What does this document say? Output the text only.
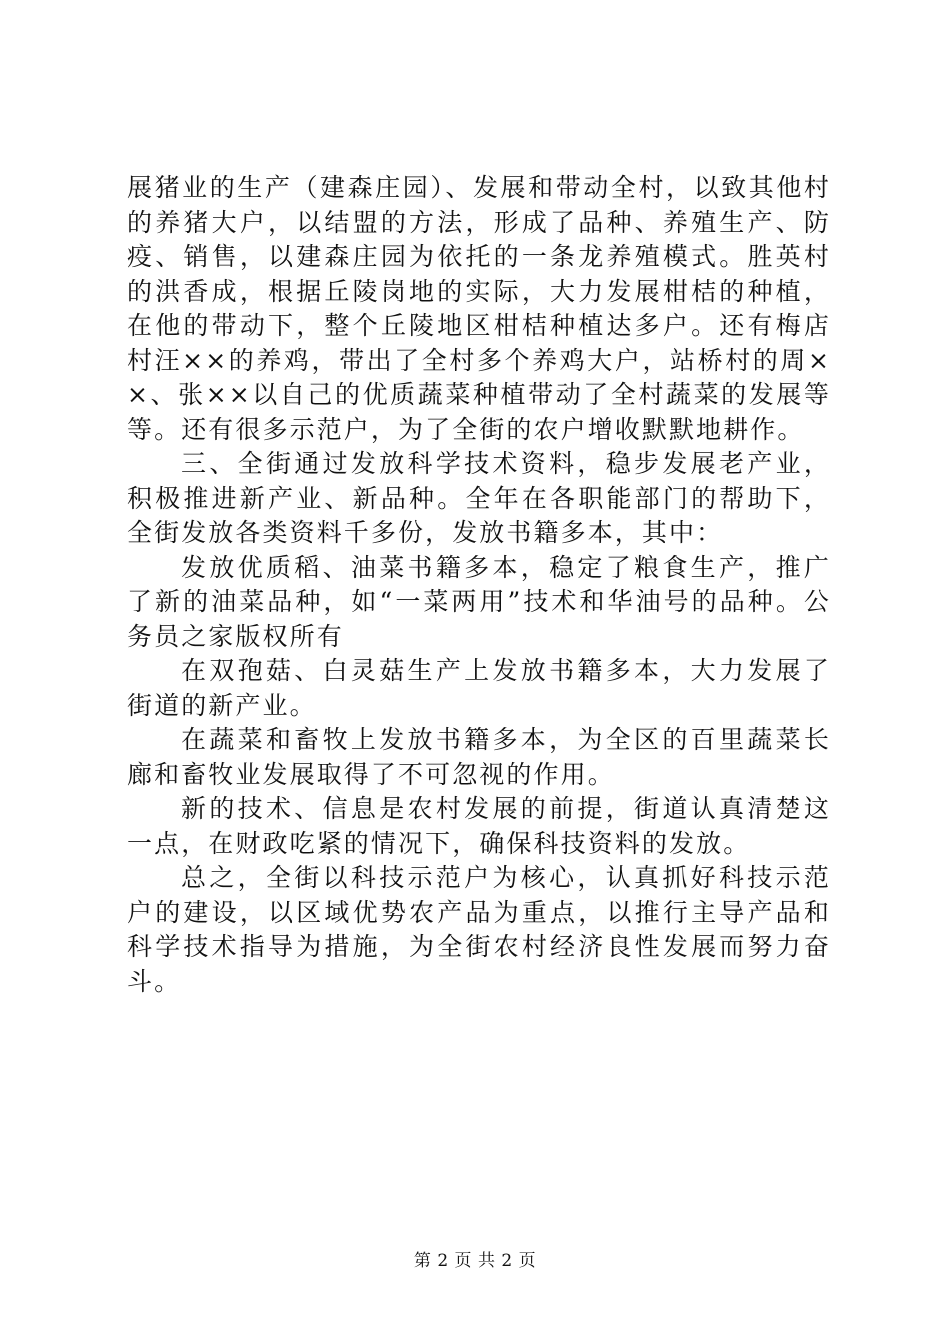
展猪业的生产（建森庄园）、发展和带动全村，以致其他村的养猪大户，以结盟的方法，形成了品种、养殖生产、防疫、销售，以建森庄园为依托的一条龙养殖模式。胜英村的洪香成，根据丘陵岗地的实际，大力发展柑桔的种植，在他的带动下，整个丘陵地区柑桔种植达多户。还有梅店村汪××的养鸡，带出了全村多个养鸡大户，站桥村的周××、张××以自己的优质蔬菜种植带动了全村蔬菜的发展等等。还有很多示范户，为了全街的农户增收默默地耕作。

三、全街通过发放科学技术资料，稳步发展老产业，积极推进新产业、新品种。全年在各职能部门的帮助下，全街发放各类资料千多份，发放书籍多本，其中：

发放优质稻、油菜书籍多本，稳定了粮食生产，推广了新的油菜品种，如“一菜两用”技术和华油号的品种。公务员之家版权所有

在双孢菇、白灵菇生产上发放书籍多本，大力发展了街道的新产业。

在蔬菜和畜牧上发放书籍多本，为全区的百里蔬菜长廊和畜牧业发展取得了不可忽视的作用。

新的技术、信息是农村发展的前提，街道认真清楚这一点，在财政吃紧的情况下，确保科技资料的发放。

总之，全街以科技示范户为核心，认真抓好科技示范户的建设，以区域优势农产品为重点，以推行主导产品和科学技术指导为措施，为全街农村经济良性发展而努力奋斗。

第 2 页 共 2 页
